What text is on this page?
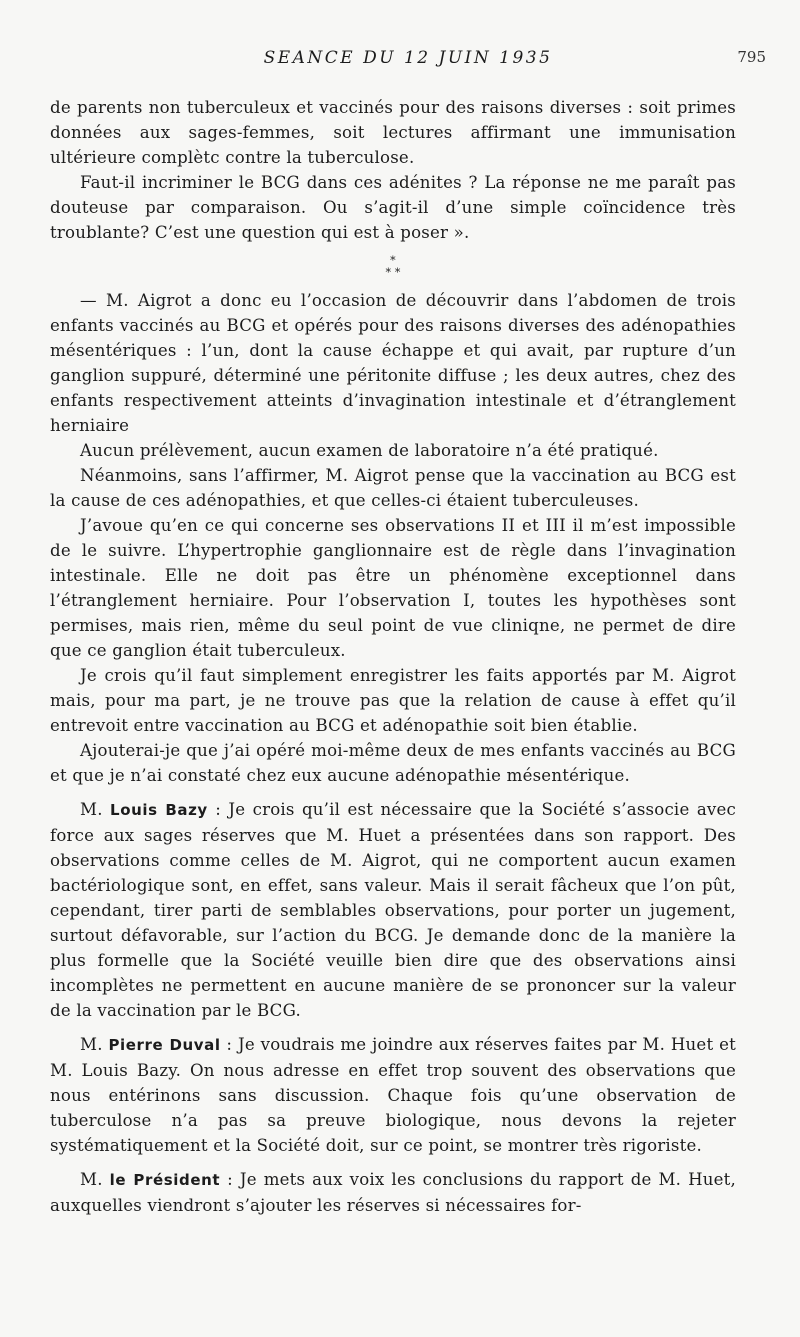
SEANCE DU 12 JUIN 1935	795

de parents non tuberculeux et vaccinés pour des raisons diverses : soit primes données aux sages-femmes, soit lectures affirmant une immunisation ultérieure complètc contre la tuberculose.

Faut-il incriminer le BCG dans ces adénites ? La réponse ne me paraît pas douteuse par comparaison. Ou s’agit-il d’une simple coïncidence très troublante? C’est une question qui est à poser ».

*
* *

— M. Aigrot a donc eu l’occasion de découvrir dans l’abdomen de trois enfants vaccinés au BCG et opérés pour des raisons diverses des adénopathies mésentériques : l’un, dont la cause échappe et qui avait, par rupture d’un ganglion suppuré, déterminé une péritonite diffuse ; les deux autres, chez des enfants respectivement atteints d’invagination intestinale et d’étranglement herniaire

Aucun prélèvement, aucun examen de laboratoire n’a été pratiqué.

Néanmoins, sans l’affirmer, M. Aigrot pense que la vaccination au BCG est la cause de ces adénopathies, et que celles-ci étaient tuberculeuses.

J’avoue qu’en ce qui concerne ses observations II et III il m’est impossible de le suivre. L’hypertrophie ganglionnaire est de règle dans l’invagination intestinale. Elle ne doit pas être un phénomène exceptionnel dans l’étranglement herniaire. Pour l’observation I, toutes les hypothèses sont permises, mais rien, même du seul point de vue cliniqne, ne permet de dire que ce ganglion était tuberculeux.

Je crois qu’il faut simplement enregistrer les faits apportés par M. Aigrot mais, pour ma part, je ne trouve pas que la relation de cause à effet qu’il entrevoit entre vaccination au BCG et adénopathie soit bien établie.

Ajouterai-je que j’ai opéré moi-même deux de mes enfants vaccinés au BCG et que je n’ai constaté chez eux aucune adénopathie mésentérique.

M. Louis Bazy : Je crois qu’il est nécessaire que la Société s’associe avec force aux sages réserves que M. Huet a présentées dans son rapport. Des observations comme celles de M. Aigrot, qui ne comportent aucun examen bactériologique sont, en effet, sans valeur. Mais il serait fâcheux que l’on pût, cependant, tirer parti de semblables observations, pour porter un jugement, surtout défavorable, sur l’action du BCG. Je demande donc de la manière la plus formelle que la Société veuille bien dire que des observations ainsi incomplètes ne permettent en aucune manière de se prononcer sur la valeur de la vaccination par le BCG.

M. Pierre Duval : Je voudrais me joindre aux réserves faites par M. Huet et M. Louis Bazy. On nous adresse en effet trop souvent des observations que nous entérinons sans discussion. Chaque fois qu’une observation de tuberculose n’a pas sa preuve biologique, nous devons la rejeter systématiquement et la Société doit, sur ce point, se montrer très rigoriste.

M. le Président : Je mets aux voix les conclusions du rapport de M. Huet, auxquelles viendront s’ajouter les réserves si nécessaires for-
